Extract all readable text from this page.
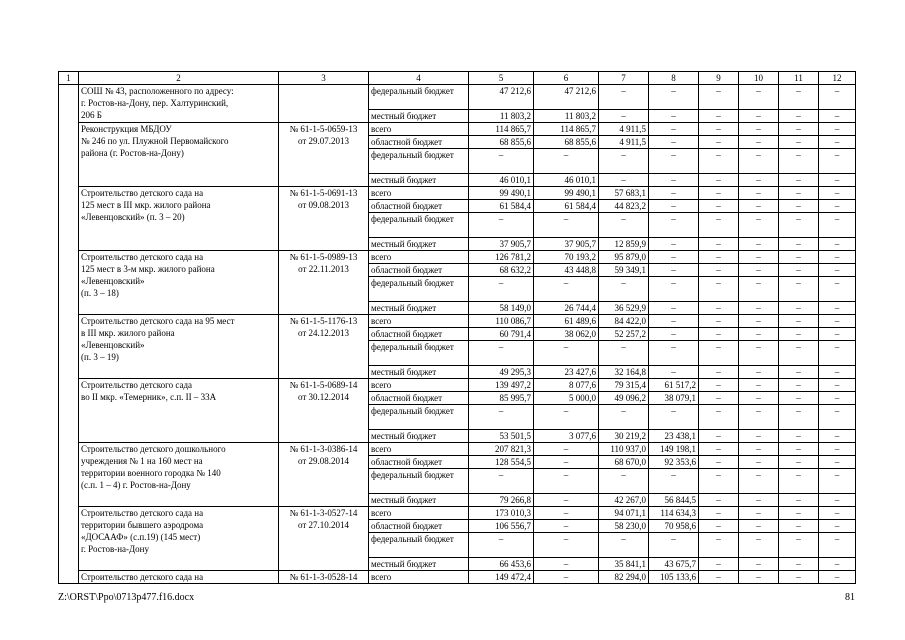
1	2	3	4	5	6	7	8	9	10	11	12

	СОШ № 43, расположенного по адресу:
г. Ростов-на-Дону, пер. Халтуринский,
206 Б		федеральный бюджет	47 212,6	47 212,6	–	–	–	–	–	–
			местный бюджет	11 803,2	11 803,2	–	–	–	–	–	–

	Реконструкция МБДОУ
№ 246 по ул. Плужной Первомайского
района (г. Ростов-на-Дону)	№ 61-1-5-0659-13
от 29.07.2013	всего	114 865,7	114 865,7	4 911,5	–	–	–	–	–
			областной бюджет	68 855,6	68 855,6	4 911,5	–	–	–	–	–
			федеральный бюджет	–	–	–	–	–	–	–	–
			местный бюджет	46 010,1	46 010,1	–	–	–	–	–	–

	Строительство детского сада на
125 мест в III мкр. жилого района
«Левенцовский» (п. 3 – 20)	№ 61-1-5-0691-13
от 09.08.2013	всего	99 490,1	99 490,1	57 683,1	–	–	–	–	–
			областной бюджет	61 584,4	61 584,4	44 823,2	–	–	–	–	–
			федеральный бюджет	–	–	–	–	–	–	–	–
			местный бюджет	37 905,7	37 905,7	12 859,9	–	–	–	–	–

	Строительство детского сада на
125 мест в 3-м мкр. жилого района
«Левенцовский»
(п. 3 – 18)	№ 61-1-5-0989-13
от 22.11.2013	всего	126 781,2	70 193,2	95 879,0	–	–	–	–	–
			областной бюджет	68 632,2	43 448,8	59 349,1	–	–	–	–	–
			федеральный бюджет	–	–	–	–	–	–	–	–
			местный бюджет	58 149,0	26 744,4	36 529,9	–	–	–	–	–

	Строительство детского сада на 95 мест
в III мкр. жилого района
«Левенцовский»
(п. 3 – 19)	№ 61-1-5-1176-13
от 24.12.2013	всего	110 086,7	61 489,6	84 422,0	–	–	–	–	–
			областной бюджет	60 791,4	38 062,0	52 257,2	–	–	–	–	–
			федеральный бюджет	–	–	–	–	–	–	–	–
			местный бюджет	49 295,3	23 427,6	32 164,8	–	–	–	–	–

	Строительство детского сада
во II мкр. «Темерник», с.п. II – 33А	№ 61-1-5-0689-14
от 30.12.2014	всего	139 497,2	8 077,6	79 315,4	61 517,2	–	–	–	–
			областной бюджет	85 995,7	5 000,0	49 096,2	38 079,1	–	–	–	–
			федеральный бюджет	–	–	–	–	–	–	–	–
			местный бюджет	53 501,5	3 077,6	30 219,2	23 438,1	–	–	–	–

	Строительство детского дошкольного
учреждения № 1 на 160 мест на
территории военного городка № 140
(с.п. 1 – 4) г. Ростов-на-Дону	№ 61-1-3-0386-14
от 29.08.2014	всего	207 821,3	–	110 937,0	149 198,1	–	–	–	–
			областной бюджет	128 554,5	–	68 670,0	92 353,6	–	–	–	–
			федеральный бюджет	–	–	–	–	–	–	–	–
			местный бюджет	79 266,8	–	42 267,0	56 844,5	–	–	–	–

	Строительство детского сада на
территории бывшего аэродрома
«ДОСААФ» (с.п.19) (145 мест)
г. Ростов-на-Дону	№ 61-1-3-0527-14
от 27.10.2014	всего	173 010,3	–	94 071,1	114 634,3	–	–	–	–
			областной бюджет	106 556,7	–	58 230,0	70 958,6	–	–	–	–
			федеральный бюджет	–	–	–	–	–	–	–	–
			местный бюджет	66 453,6	–	35 841,1	43 675,7	–	–	–	–

	Строительство детского сада на	№ 61-1-3-0528-14	всего	149 472,4	–	82 294,0	105 133,6	–	–	–	–
Z:\ORST\Ppo\0713p477.f16.docx	81
